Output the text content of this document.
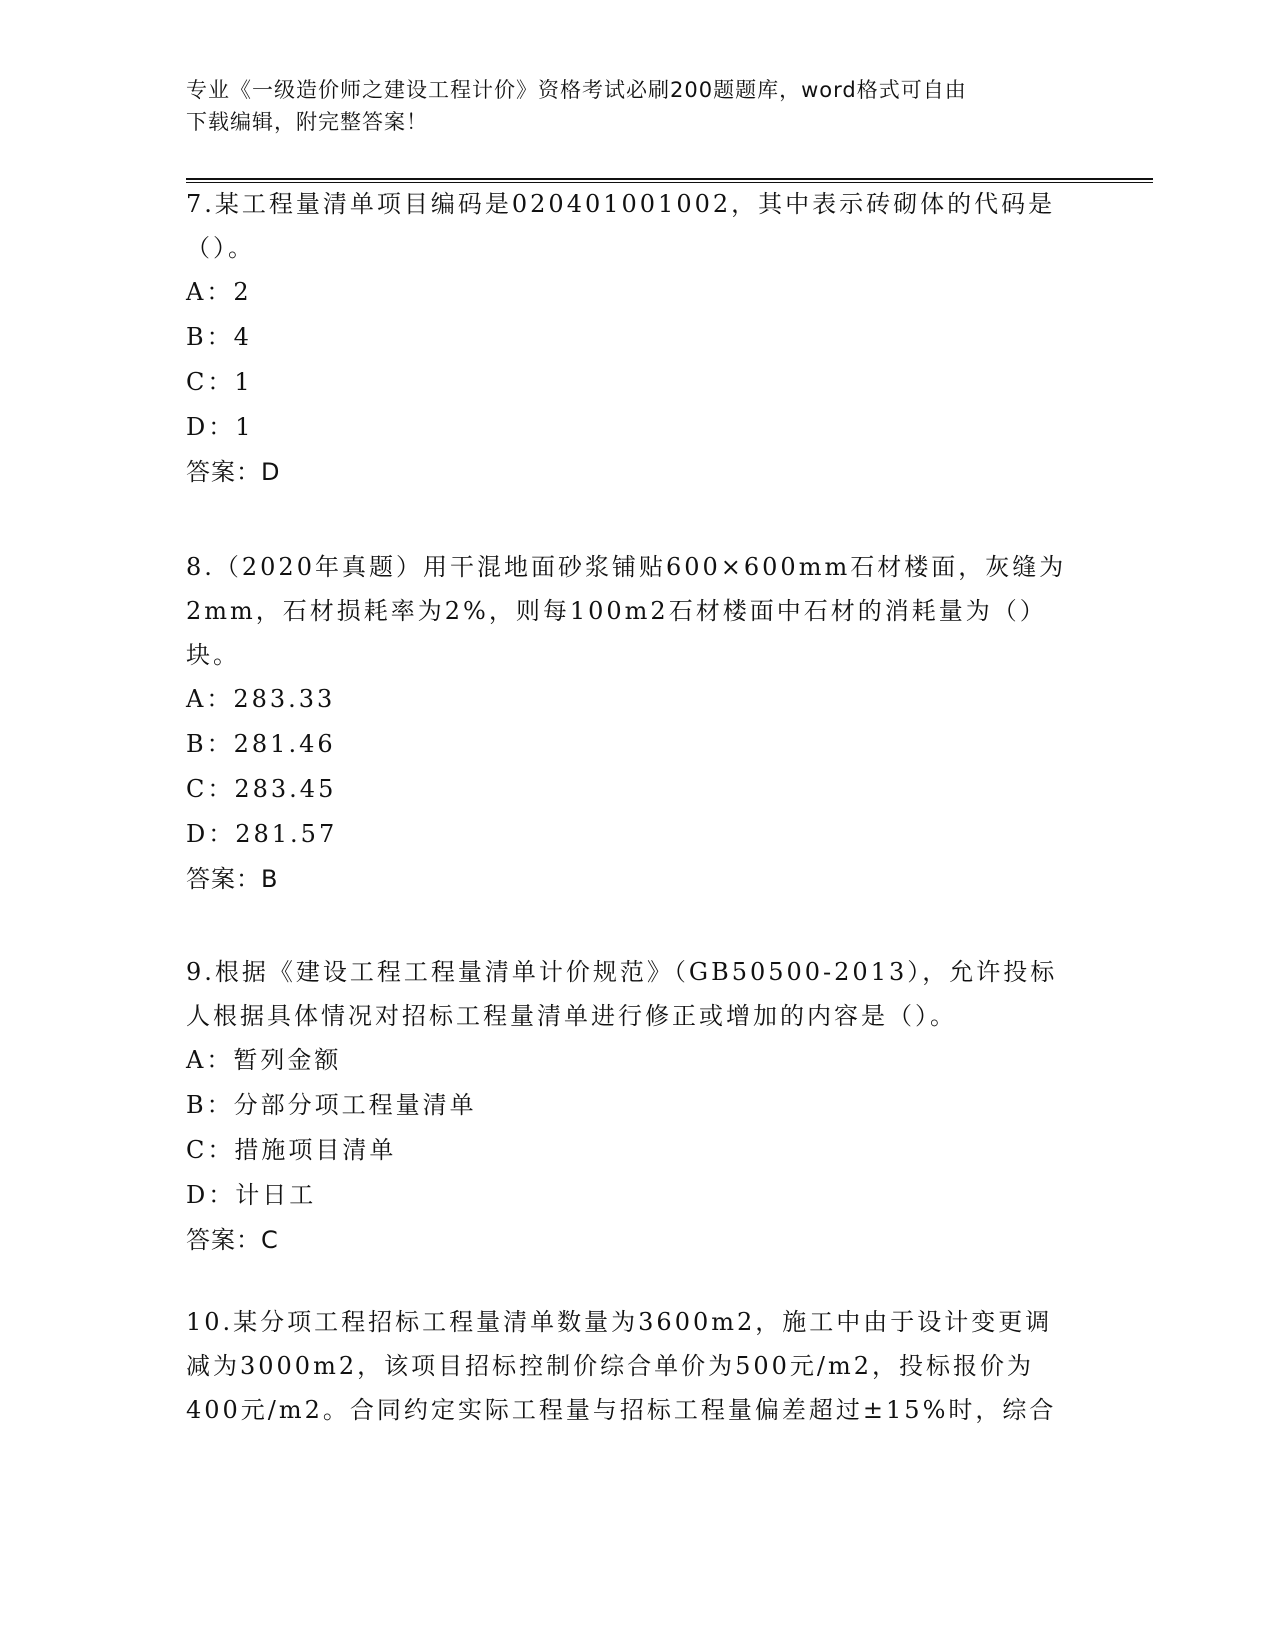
专业《一级造价师之建设工程计价》资格考试必刷200题题库，word格式可自由
下载编辑，附完整答案！

7.某工程量清单项目编码是020401001002，其中表示砖砌体的代码是（）。

A：2

B：4

C：1

D：1

答案：D

8.（2020年真题）用干混地面砂浆铺贴600×600mm石材楼面，灰缝为2mm，石材损耗率为2%，则每100m2石材楼面中石材的消耗量为（）块。

A：283.33

B：281.46

C：283.45

D：281.57

答案：B

9.根据《建设工程工程量清单计价规范》（GB50500-2013），允许投标人根据具体情况对招标工程量清单进行修正或增加的内容是（）。

A：暂列金额

B：分部分项工程量清单

C：措施项目清单

D：计日工

答案：C

10.某分项工程招标工程量清单数量为3600m2，施工中由于设计变更调减为3000m2，该项目招标控制价综合单价为500元/m2，投标报价为400元/m2。合同约定实际工程量与招标工程量偏差超过±15%时，综合
